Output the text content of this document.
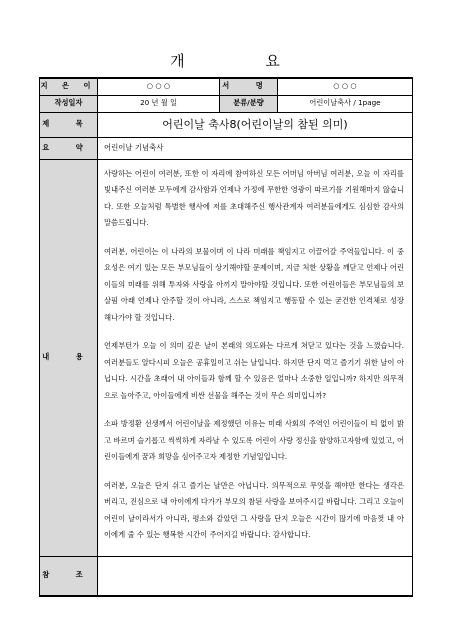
개 요
지 은 이	○ ○ ○	서 명	○ ○ ○
작성일자	20 년 월 일	분류/분량	어린이날축사 / 1page
제 목	어린이날 축사8(어린이날의 참된 의미)		
요 약	어린이날 기념축사		
내 용	사랑하는 어린이 여러분, 또한 이 자리에 참여하신 모든 어머님 아버님 여러분, 오늘 이 자리를 빛내주신 여러분 모두에게 감사함과 언제나 가정에 무한한 영광이 따르기를 기원해마지 않습니다. 또한 오늘처럼 특별한 행사에 저를 초대해주신 행사관계자 여러분들에게도 심심한 감사의 말씀드립니다.

여러분, 어린이는 이 나라의 보물이며 이 나라 미래를 책임지고 이끌어갈 주역들입니다. 이 중요성은 여기 있는 모든 부모님들이 상기해야할 문제이며, 지금 처한 상황을 깨닫고 언제나 어린이들의 미래를 위해 투자와 사랑을 아끼지 말아야할 것입니다. 또한 어린이들은 부모님들의 보살핌 아래 언제나 안주할 것이 아니라, 스스로 책임지고 행동할 수 있는 굳건한 인격체로 성장해나가야 할 것입니다.

언제부턴가 오늘 이 의미 깊은 날이 본래의 의도와는 다르게 쳐닫고 있다는 것을 느꼈습니다. 여러분들도 알다시피 오늘은 공휴일이고 쉬는 날입니다. 하지만 단지 먹고 즐기기 위한 날이 아닙니다. 시간을 초래어 내 아이들과 함께 할 수 있음은 얼마나 소중한 일입니까? 하지만 의무적으로 놀아주고, 아이들에게 비싼 선물을 해주는 것이 무슨 의미입니까?

소파 방정환 선생께서 어린이날을 제정했던 이유는 미래 사회의 주역인 어린이들이 티 없이 밝고 바르며 슬기롭고 씩씩하게 자라날 수 있도록 어린이 사랑 정신을 함양하고자함에 있었고, 어린이들에게 꿈과 희망을 심어주고자 제정한 기념일입니다.

여러분, 오늘은 단지 쉬고 즐기는 날만은 아닙니다. 의무적으로 무엇을 해야만 한다는 생각은 버리고, 진심으로 내 아이에게 다가가 부모의 참된 사랑을 보여주시길 바랍니다. 그리고 오늘이 어린이 날이라서가 아니라, 평소와 같았던 그 사랑을 단지 오늘은 시간이 많기에 마음껏 내 아이에게 줄 수 있는 행복한 시간이 주어지길 바랍니다. 감사합니다.		

참 조			
